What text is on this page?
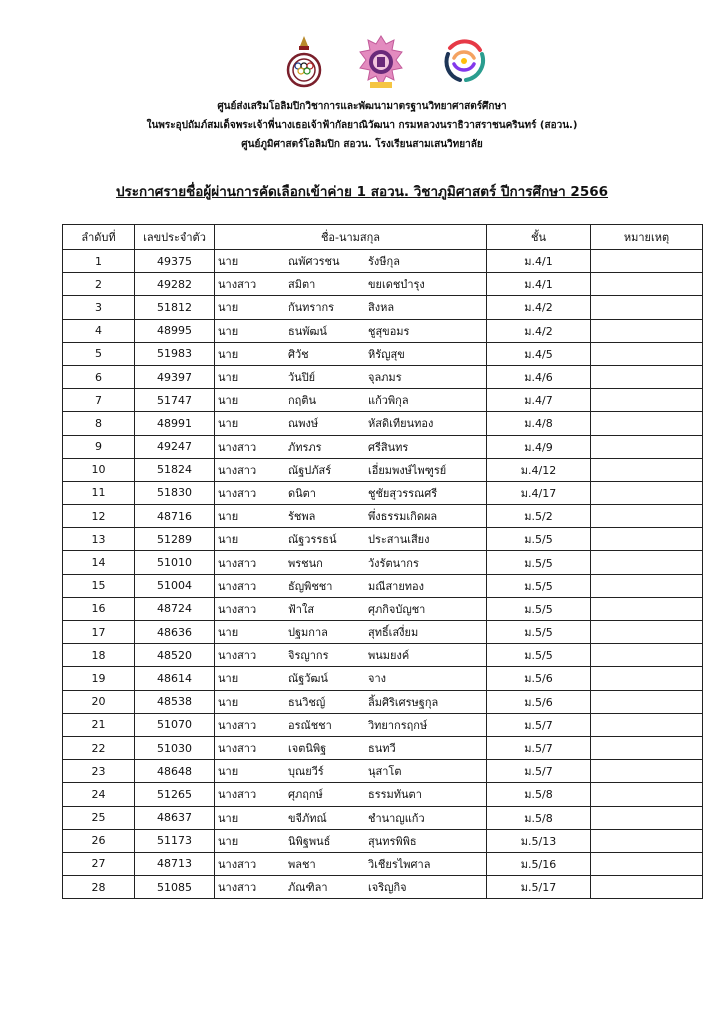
ศูนย์ส่งเสริมโอลิมปิกวิชาการและพัฒนามาตรฐานวิทยาศาสตร์ศึกษา
ในพระอุปถัมภ์สมเด็จพระเจ้าพี่นางเธอเจ้าฟ้ากัลยาณิวัฒนา กรมหลวงนราธิวาสราชนครินทร์ (สอวน.)
ศูนย์ภูมิศาสตร์โอลิมปิก สอวน. โรงเรียนสามเสนวิทยาลัย
ประกาศรายชื่อผู้ผ่านการคัดเลือกเข้าค่าย 1 สอวน. วิชาภูมิศาสตร์ ปีการศึกษา 2566
ลำดับที่	เลขประจำตัว	ชื่อ-นามสกุล	ชั้น	หมายเหตุ
1	49375	นาย ณพัศวรชน รังษีกุล	ม.4/1	
2	49282	นางสาว สมิตา ขยเดชบำรุง	ม.4/1	
3	51812	นาย กันทรากร สิงหล	ม.4/2	
4	48995	นาย ธนพัฒน์ ชูสุขอมร	ม.4/2	
5	51983	นาย ศิวัช หิรัญสุข	ม.4/5	
6	49397	นาย วันปิย์ จุลภมร	ม.4/6	
7	51747	นาย กฤติน แก้วพิกุล	ม.4/7	
8	48991	นาย ณพงษ์ หัสดิเทียนทอง	ม.4/8	
9	49247	นางสาว ภัทรภร ศรีสินทร	ม.4/9	
10	51824	นางสาว ณัฐปภัสร์ เอี่ยมพงษ์ไพฑูรย์	ม.4/12	
11	51830	นางสาว ดนิตา ชูชัยสุวรรณศรี	ม.4/17	
12	48716	นาย รัชพล พึ่งธรรมเกิดผล	ม.5/2	
13	51289	นาย ณัฐวรรธน์ ประสานเสียง	ม.5/5	
14	51010	นางสาว พรชนก วังรัตนากร	ม.5/5	
15	51004	นางสาว ธัญพิชชา มณีสายทอง	ม.5/5	
16	48724	นางสาว ฟ้าใส ศุภกิจบัญชา	ม.5/5	
17	48636	นาย ปฐมกาล สุทธิ์เสงี่ยม	ม.5/5	
18	48520	นางสาว จิรญากร พนมยงค์	ม.5/5	
19	48614	นาย ณัฐวัฒน์ จาง	ม.5/6	
20	48538	นาย ธนวิชญ์ ลิ้มศิริเศรษฐกุล	ม.5/6	
21	51070	นางสาว อรณัชชา วิทยากรฤกษ์	ม.5/7	
22	51030	นางสาว เจตนิพิฐ ธนทวี	ม.5/7	
23	48648	นาย บุณยวีร์ นุสาโต	ม.5/7	
24	51265	นางสาว ศุภฤกษ์ ธรรมทันตา	ม.5/8	
25	48637	นาย ขจีภัทณ์ ชำนาญแก้ว	ม.5/8	
26	51173	นาย นิพิฐพนธ์ สุนทรพิพิธ	ม.5/13	
27	48713	นางสาว พลชา วิเชียรไพศาล	ม.5/16	
28	51085	นางสาว ภัณฑิลา เจริญกิจ	ม.5/17	
